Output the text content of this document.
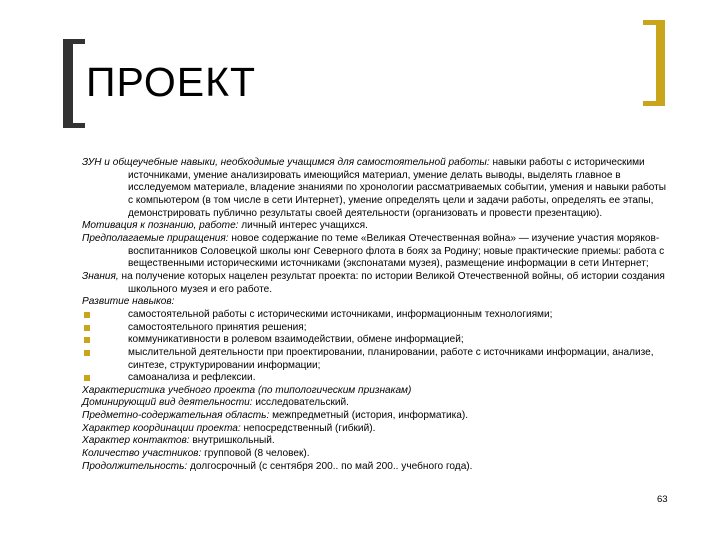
ПРОЕКТ

ЗУН и общеучебные навыки, необходимые учащимся для самостоятельной работы: навыки работы с историческими источниками, умение анализировать имеющийся материал, умение делать выводы, выделять главное в исследуемом материале, владение знаниями по хронологии рассматриваемых событии, умения и навыки работы с компьютером (в том числе в сети Интернет), умение определять цели и задачи работы, определять ее этапы, демонстрировать публично результаты своей деятельности (организовать и провести презентацию).

Мотивация к познанию, работе: личный интерес учащихся.

Предполагаемые приращения: новое содержание по теме «Великая Отечественная война» — изучение участия моряков-воспитанников Соловецкой школы юнг Северного флота в боях за Родину; новые практические приемы: работа с вещественными историческими источниками (экспонатами музея), размещение информации в сети Интернет;

Знания, на получение которых нацелен результат проекта: по истории Великой Отечественной войны, об истории создания школьного музея и его работе.

Развитие навыков:

самостоятельной работы с историческими источниками, информационным технологиями;

самостоятельного принятия решения;

коммуникативности в ролевом взаимодействии, обмене информацией;

мыслительной деятельности при проектировании, планировании, работе с источниками информации, анализе, синтезе, структурировании информации;

самоанализа и рефлексии.

Характеристика учебного проекта (по типологическим признакам)

Доминирующий вид деятельности: исследовательский.

Предметно-содержательная область: межпредметный (история, информатика).

Характер координации проекта: непосредственный (гибкий).

Характер контактов: внутришкольный.

Количество участников: групповой (8 человек).

Продолжительность: долгосрочный (с сентября 200.. по май 200.. учебного года).

63
